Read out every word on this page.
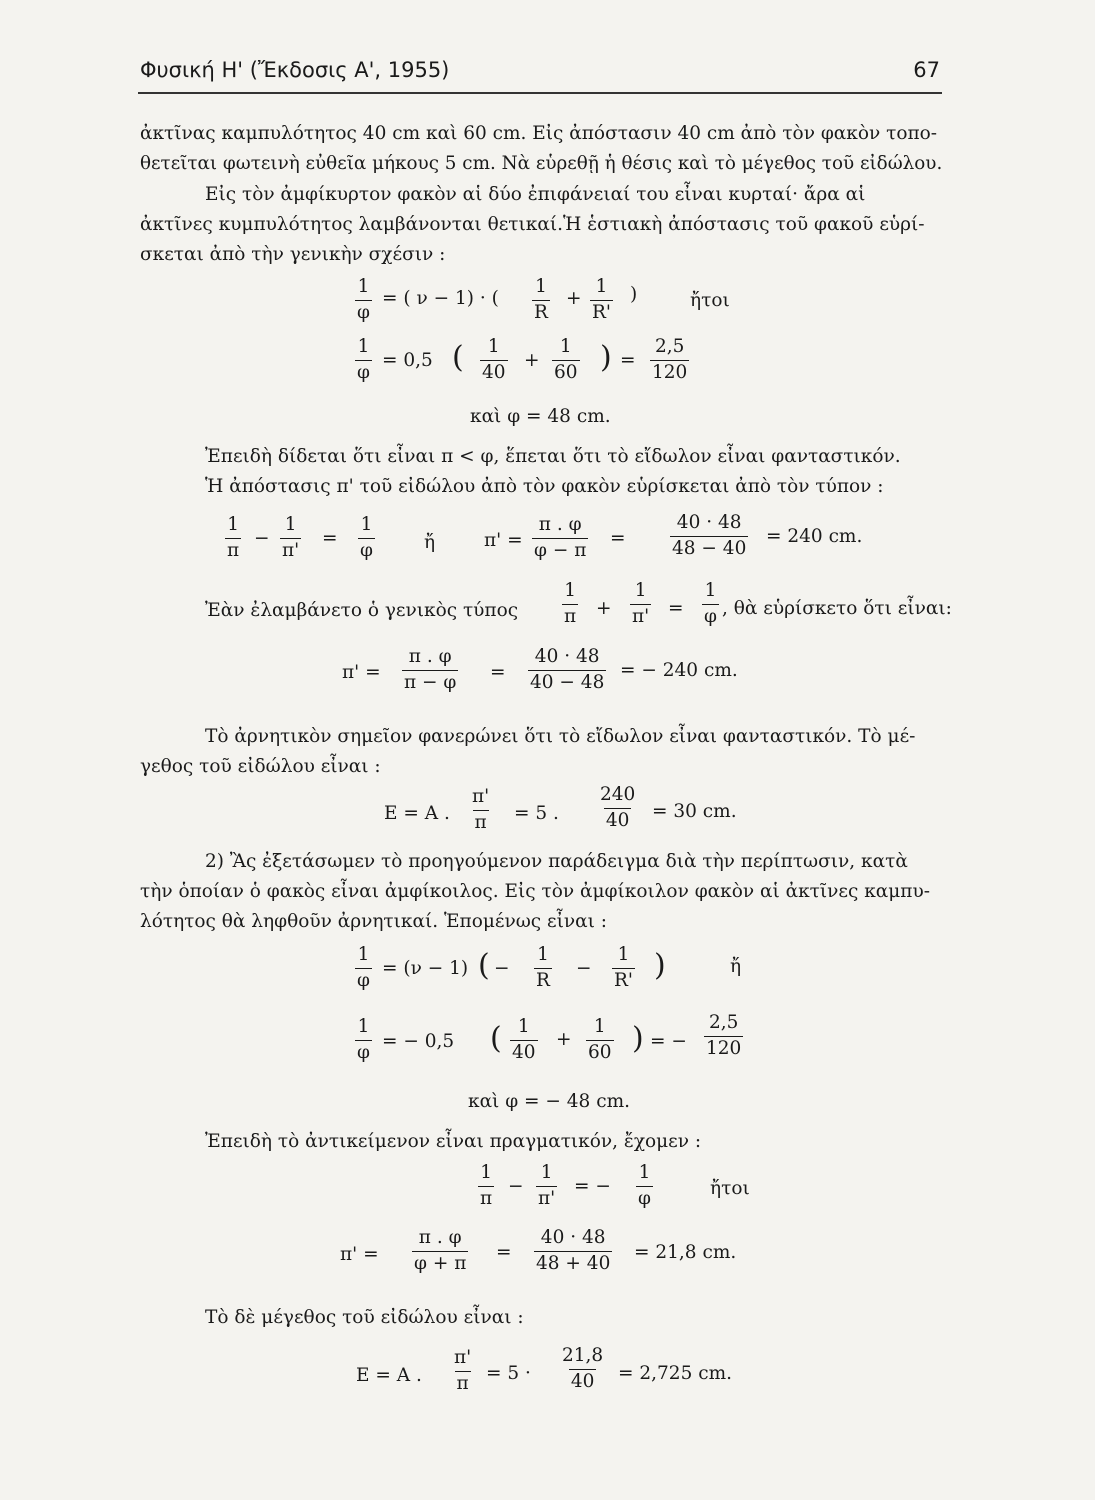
Φυσική Η' (Ἔκδοσις Α', 1955)	67
ἀκτῖνας καμπυλότητος 40 cm καὶ 60 cm. Εἰς ἀπόστασιν 40 cm ἀπὸ τὸν φακὸν τοπο-
θετεῖται φωτεινὴ εὐθεῖα μήκους 5 cm. Νὰ εὑρεθῇ ἡ θέσις καὶ τὸ μέγεθος τοῦ εἰδώλου.
Εἰς τὸν ἀμφίκυρτον φακὸν αἱ δύο ἐπιφάνειαί του εἶναι κυρταί· ἄρα αἱ
ἀκτῖνες κυμπυλότητος λαμβάνονται θετικαί.Ἡ ἑστιακὴ ἀπόστασις τοῦ φακοῦ εὑρί-
σκεται ἀπὸ τὴν γενικὴν σχέσιν :
1
φ
= ( ν − 1) · (
1
R
+
1
R'
)	ἤτοι
1
φ
= 0,5 ( 1
40
+
1
60 ) =
2,5
120
καὶ φ = 48 cm.
Ἐπειδὴ δίδεται ὅτι εἶναι π < φ, ἕπεται ὅτι τὸ εἴδωλον εἶναι φανταστικόν.
Ἡ ἀπόστασις π' τοῦ εἰδώλου ἀπὸ τὸν φακὸν εὑρίσκεται ἀπὸ τὸν τύπον :
1
π
−
1
π'
=
1
φ	ἤ	π' =
π . φ
φ − π
=
40 · 48
48 − 40
= 240 cm.
Ἐὰν ἐλαμβάνετο ὁ γενικὸς τύπος
1
π +
1
π' =
1
φ , θὰ εὑρίσκετο ὅτι εἶναι:
π' =
π . φ
π − φ =
40 · 48
40 − 48
= − 240 cm.
Τὸ ἀρνητικὸν σημεῖον φανερώνει ὅτι τὸ εἴδωλον εἶναι φανταστικόν. Τὸ μέ-
γεθος τοῦ εἰδώλου εἶναι :
E = A .
π'
π = 5 .
240
40 = 30 cm.
2) Ἂς ἐξετάσωμεν τὸ προηγούμενον παράδειγμα διὰ τὴν περίπτωσιν, κατὰ
τὴν ὁποίαν ὁ φακὸς εἶναι ἀμφίκοιλος. Εἰς τὸν ἀμφίκοιλον φακὸν αἱ ἀκτῖνες καμπυ-
λότητος θὰ ληφθοῦν ἀρνητικαί. Ἑπομένως εἶναι :
1
φ
= (ν − 1) ( −
1
R
−
1
R' )	ἤ
1
φ = − 0,5 ( 1
40
+
1
60 ) = −
2,5
120
καὶ φ = − 48 cm.
Ἐπειδὴ τὸ ἀντικείμενον εἶναι πραγματικόν, ἔχομεν :
1
π
−
1
π'
= −
1
φ	ἤτοι
π' =
π . φ
φ + π =
40 · 48
48 + 40 = 21,8 cm.
Τὸ δὲ μέγεθος τοῦ εἰδώλου εἶναι :
E = A .
π'
π = 5 ·
21,8
40 = 2,725 cm.
